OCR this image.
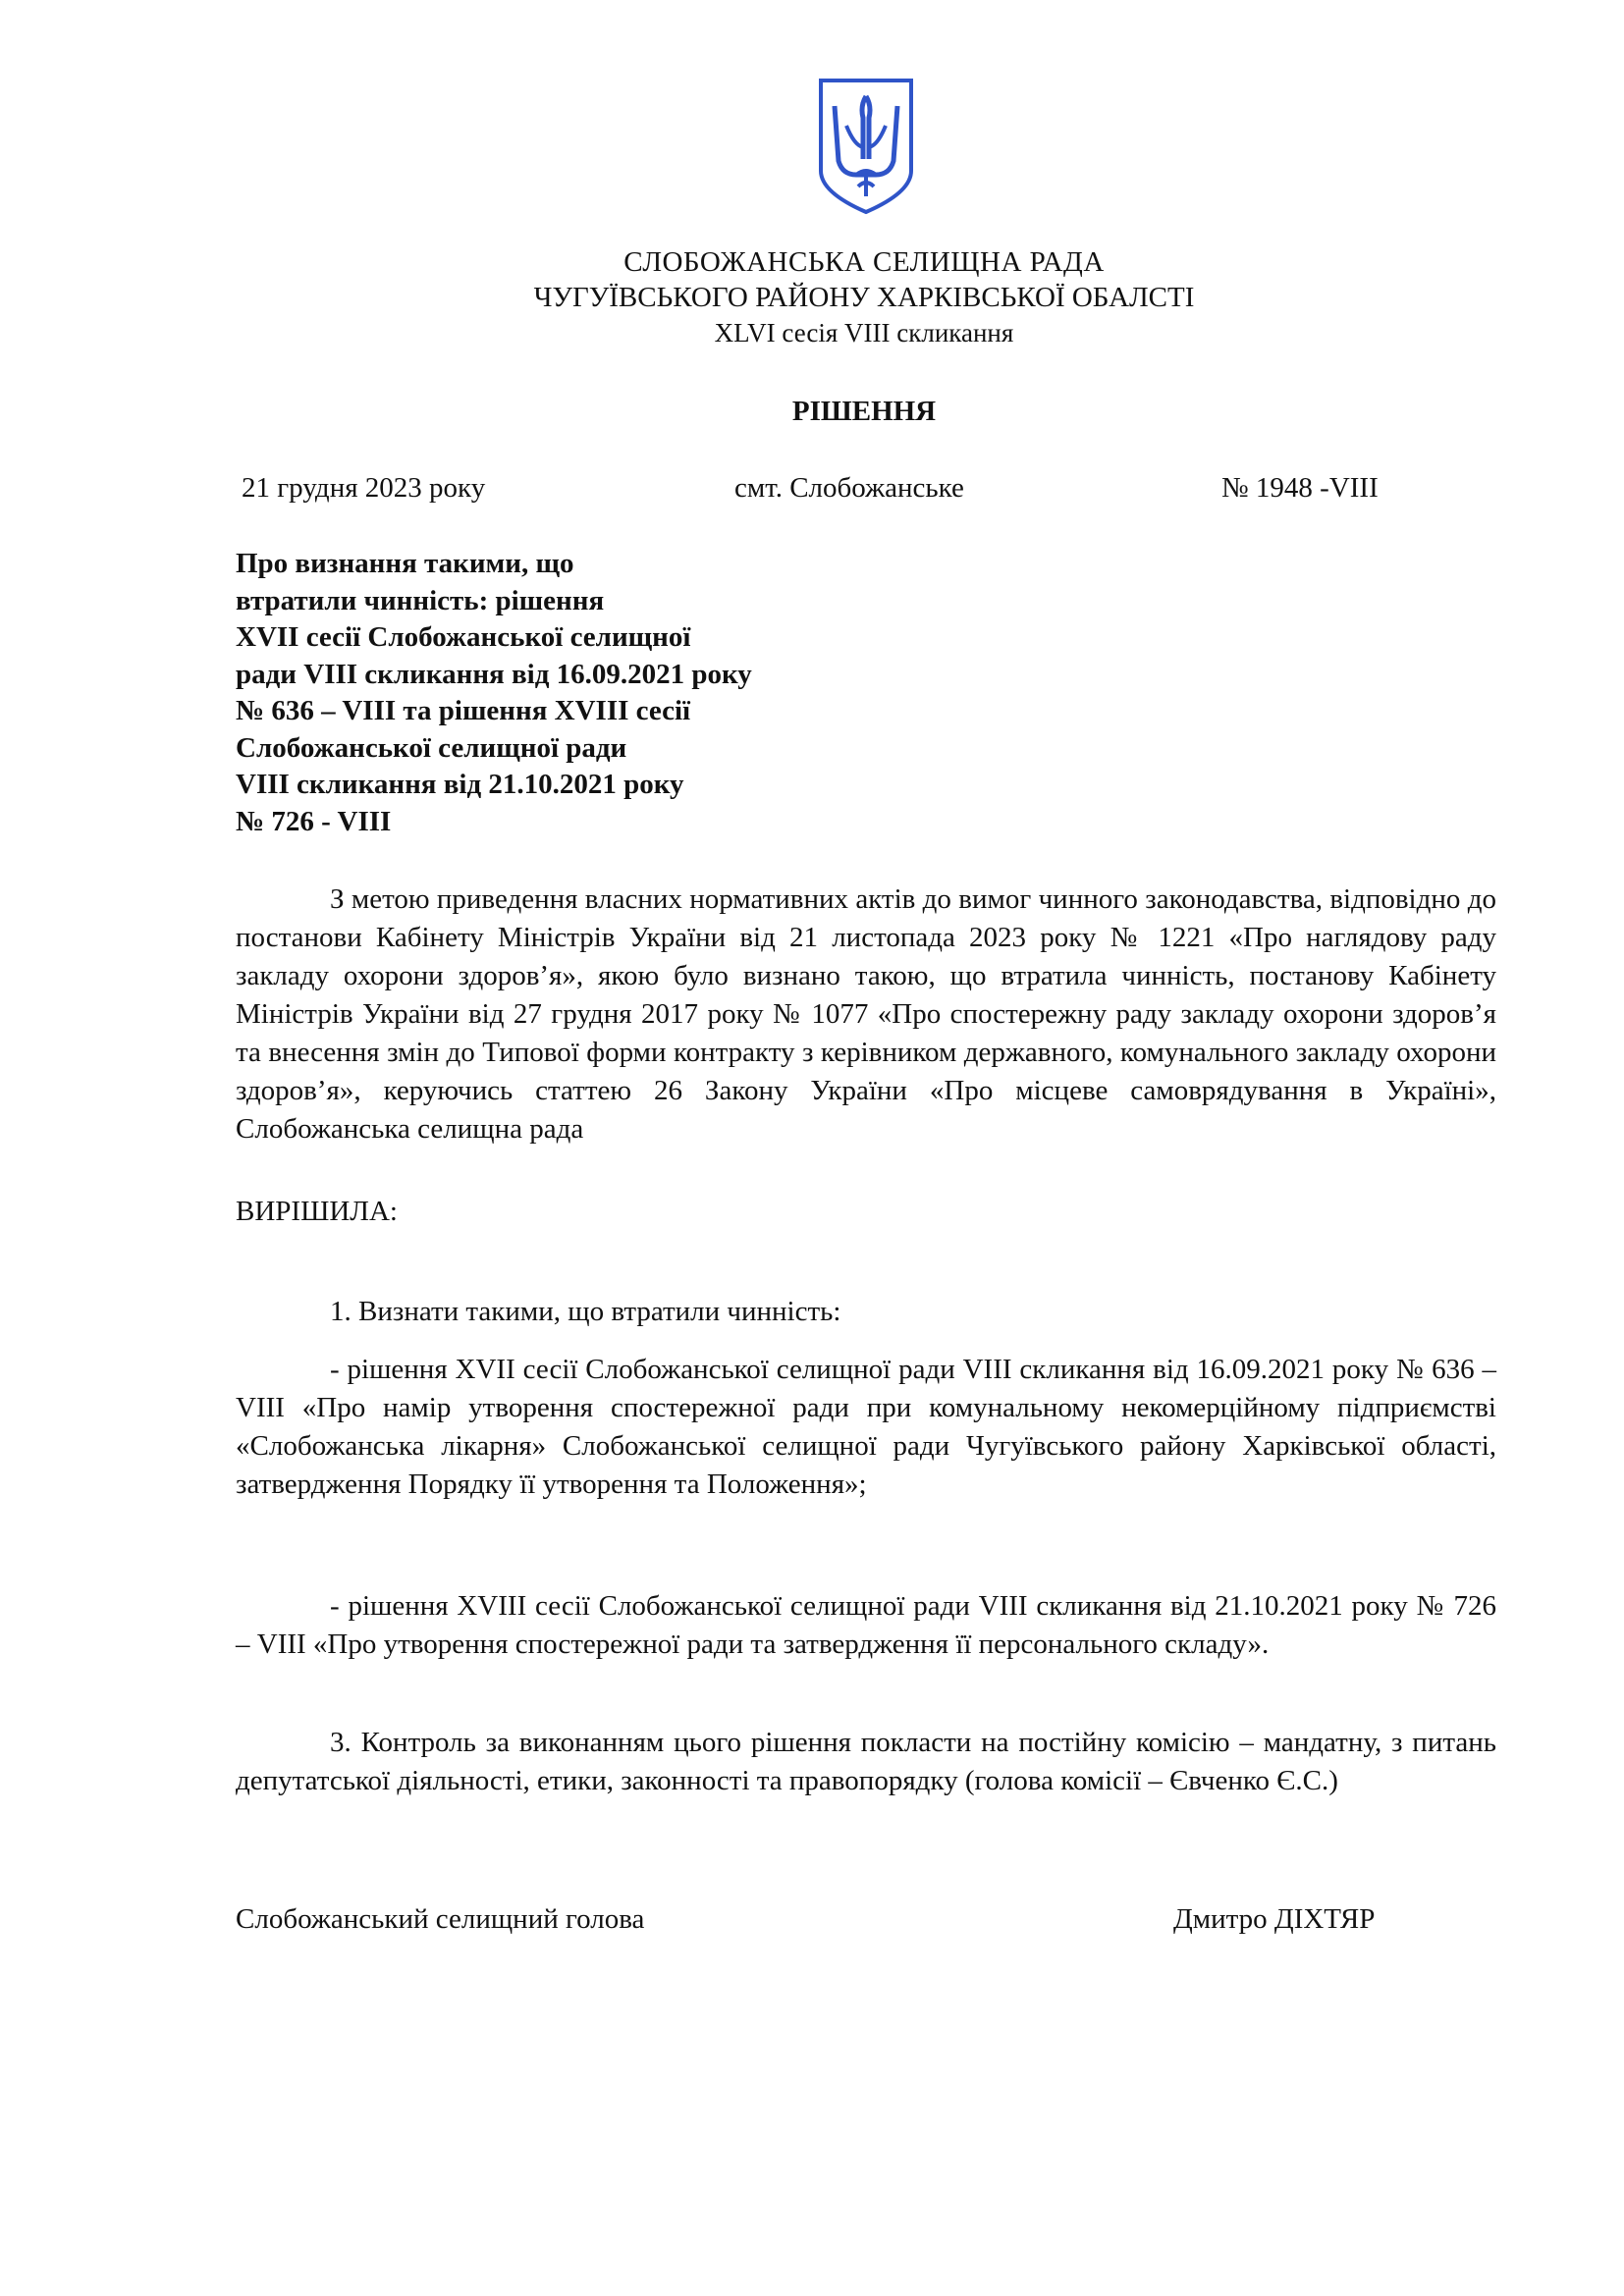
СЛОБОЖАНСЬКА СЕЛИЩНА РАДА
ЧУГУЇВСЬКОГО РАЙОНУ ХАРКІВСЬКОЇ ОБАЛСТІ
XLVI сесія VIII скликання
РІШЕННЯ
21 грудня 2023 року	смт. Слобожанське	№ 1948 -VIII
Про визнання такими, що
втратили чинність: рішення
XVII сесії Слобожанської селищної
ради VIII скликання від 16.09.2021 року
№ 636 – VIII та рішення XVIII сесії
Слобожанської селищної ради
VIII скликання від 21.10.2021 року
№ 726 - VIII
З метою приведення власних нормативних актів до вимог чинного законодавства, відповідно до постанови Кабінету Міністрів України від 21 листопада 2023 року № 1221 «Про наглядову раду закладу охорони здоров’я», якою було визнано такою, що втратила чинність, постанову Кабінету Міністрів України від 27 грудня 2017 року № 1077 «Про спостережну раду закладу охорони здоров’я та внесення змін до Типової форми контракту з керівником державного, комунального закладу охорони здоров’я», керуючись статтею 26 Закону України «Про місцеве самоврядування в Україні», Слобожанська селищна рада
ВИРІШИЛА:
1. Визнати такими, що втратили чинність:
- рішення XVII сесії Слобожанської селищної ради VIII скликання від 16.09.2021 року № 636 – VIII «Про намір утворення спостережної ради при комунальному некомерційному підприємстві «Слобожанська лікарня» Слобожанської селищної ради Чугуївського району Харківської області, затвердження Порядку її утворення та Положення»;
- рішення XVIII сесії Слобожанської селищної ради VIII скликання від 21.10.2021 року № 726 – VIII «Про утворення спостережної ради та затвердження її персонального складу».
3. Контроль за виконанням цього рішення покласти на постійну комісію – мандатну, з питань депутатської діяльності, етики, законності та правопорядку (голова комісії – Євченко Є.С.)
Слобожанський селищний голова	Дмитро ДІХТЯР
